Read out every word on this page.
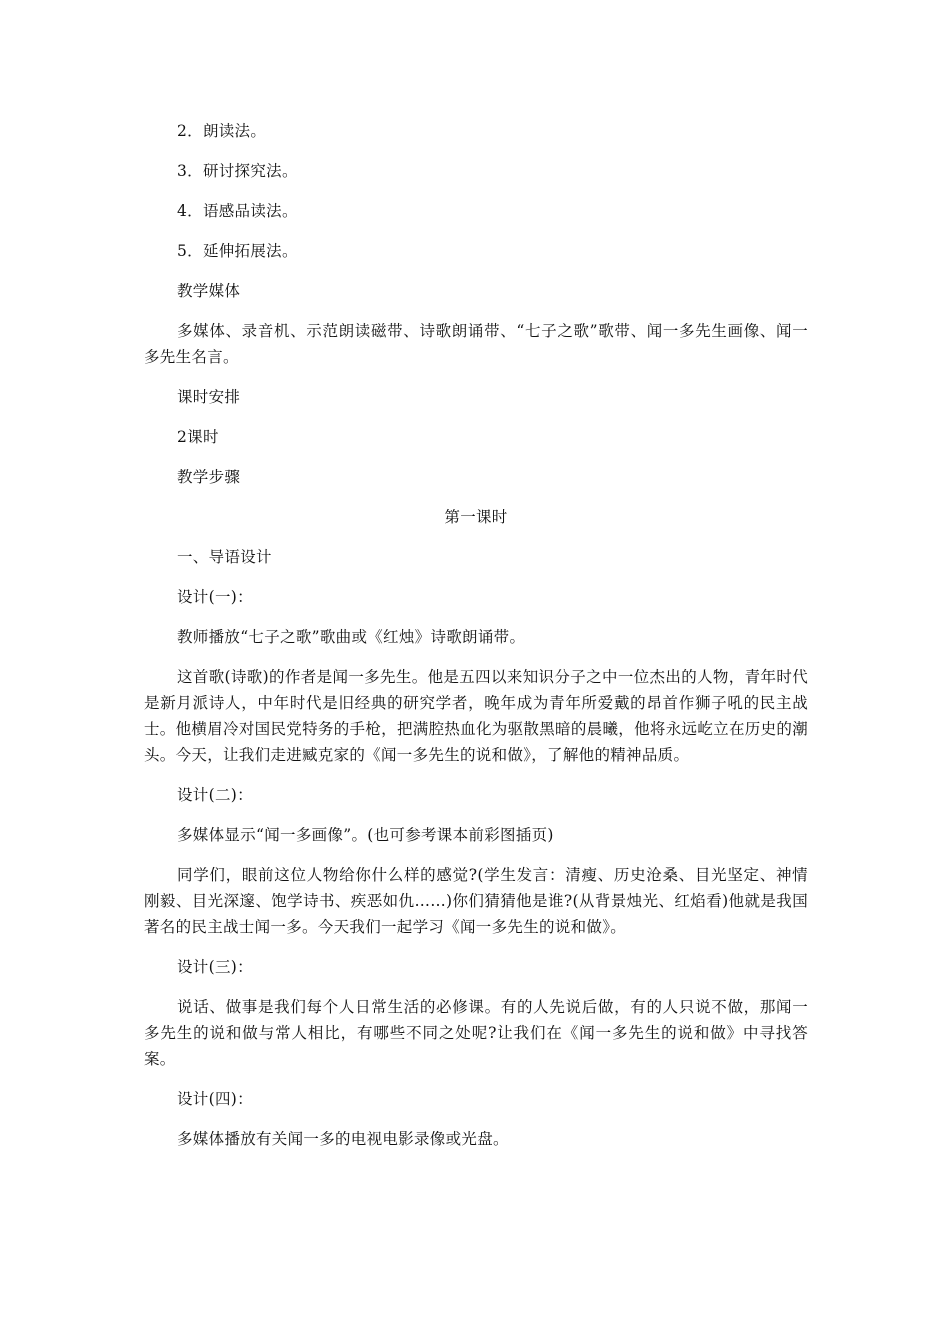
2．朗读法。

3．研讨探究法。

4．语感品读法。

5．延伸拓展法。

教学媒体

多媒体、录音机、示范朗读磁带、诗歌朗诵带、“七子之歌”歌带、闻一多先生画像、闻一多先生名言。

课时安排

2课时

教学步骤

第一课时

一、导语设计

设计(一)：

教师播放“七子之歌”歌曲或《红烛》诗歌朗诵带。

这首歌(诗歌)的作者是闻一多先生。他是五四以来知识分子之中一位杰出的人物，青年时代是新月派诗人，中年时代是旧经典的研究学者，晚年成为青年所爱戴的昂首作狮子吼的民主战士。他横眉冷对国民党特务的手枪，把满腔热血化为驱散黑暗的晨曦，他将永远屹立在历史的潮头。今天，让我们走进臧克家的《闻一多先生的说和做》，了解他的精神品质。

设计(二)：

多媒体显示“闻一多画像”。(也可参考课本前彩图插页)

同学们，眼前这位人物给你什么样的感觉?(学生发言：清瘦、历史沧桑、目光坚定、神情刚毅、目光深邃、饱学诗书、疾恶如仇……)你们猜猜他是谁?(从背景烛光、红焰看)他就是我国著名的民主战士闻一多。今天我们一起学习《闻一多先生的说和做》。

设计(三)：

说话、做事是我们每个人日常生活的必修课。有的人先说后做，有的人只说不做，那闻一多先生的说和做与常人相比，有哪些不同之处呢?让我们在《闻一多先生的说和做》中寻找答案。

设计(四)：

多媒体播放有关闻一多的电视电影录像或光盘。
